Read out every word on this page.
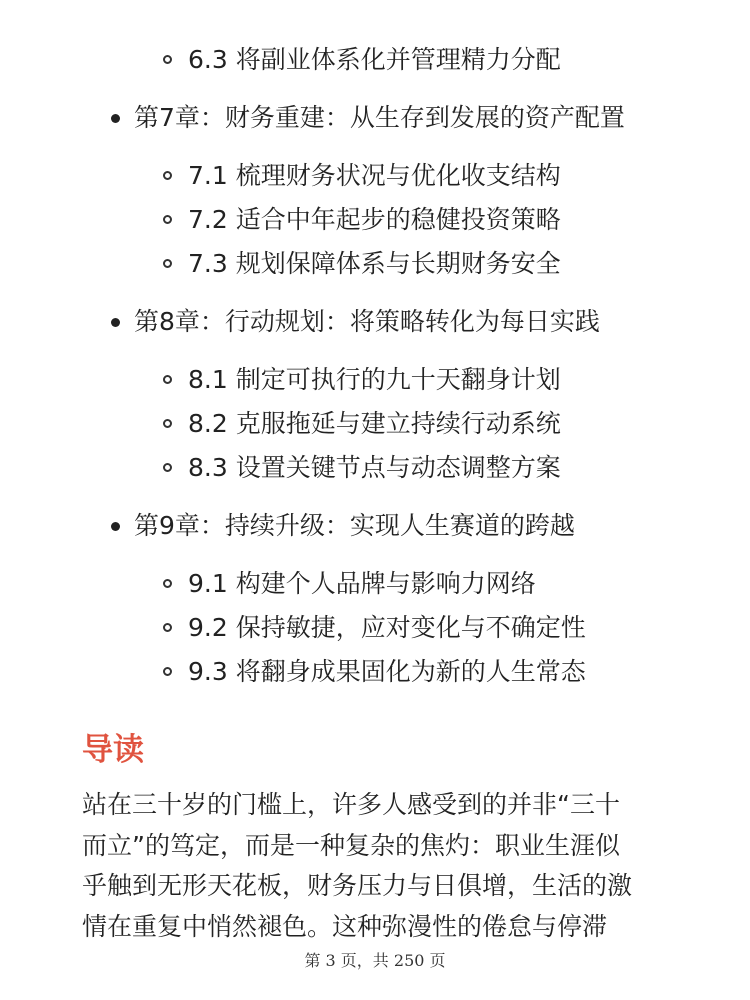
6.3 将副业体系化并管理精力分配
第7章：财务重建：从生存到发展的资产配置
7.1 梳理财务状况与优化收支结构
7.2 适合中年起步的稳健投资策略
7.3 规划保障体系与长期财务安全
第8章：行动规划：将策略转化为每日实践
8.1 制定可执行的九十天翻身计划
8.2 克服拖延与建立持续行动系统
8.3 设置关键节点与动态调整方案
第9章：持续升级：实现人生赛道的跨越
9.1 构建个人品牌与影响力网络
9.2 保持敏捷，应对变化与不确定性
9.3 将翻身成果固化为新的人生常态
导读
站在三十岁的门槛上，许多人感受到的并非“三十
而立”的笃定，而是一种复杂的焦灼：职业生涯似
乎触到无形天花板，财务压力与日俱增，生活的激
情在重复中悄然褪色。这种弥漫性的倦怠与停滞
第 3 页，共 250 页
